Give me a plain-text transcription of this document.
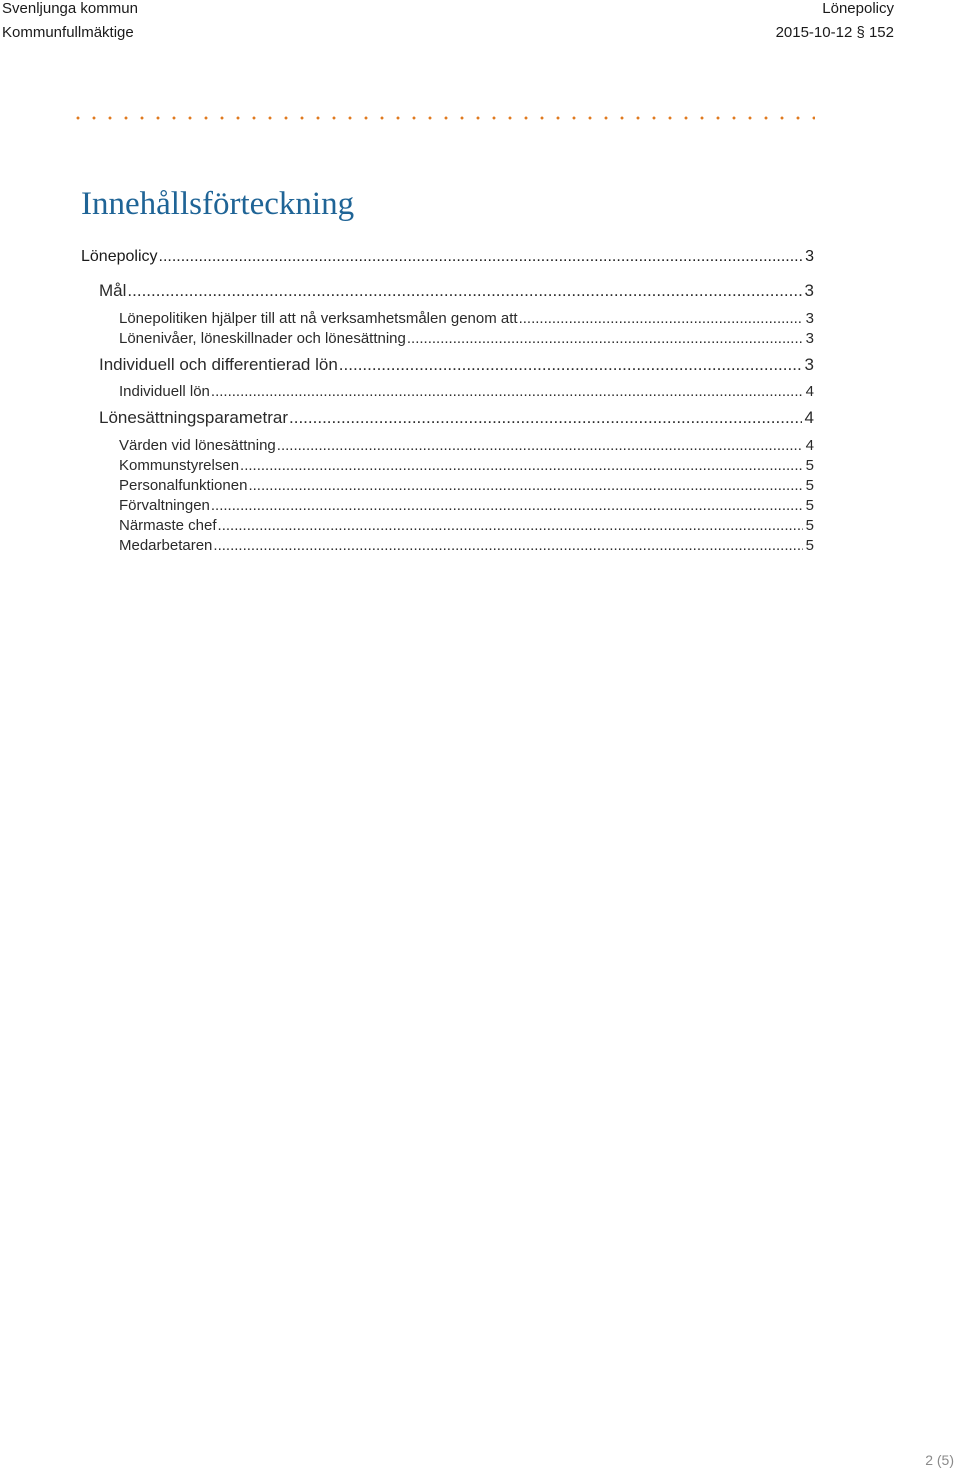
Svenljunga kommun
Kommunfullmäktige
Lönepolicy
2015-10-12 § 152
Innehållsförteckning
Lönepolicy .....	3
Mål .....	3
Lönepolitiken hjälper till att nå verksamhetsmålen genom att .....	3
Lönenivåer, löneskillnader och lönesättning .....	3
Individuell och differentierad lön .....	3
Individuell lön .....	4
Lönesättningsparametrar .....	4
Värden vid lönesättning .....	4
Kommunstyrelsen .....	5
Personalfunktionen .....	5
Förvaltningen .....	5
Närmaste chef .....	5
Medarbetaren .....	5
2 (5)
